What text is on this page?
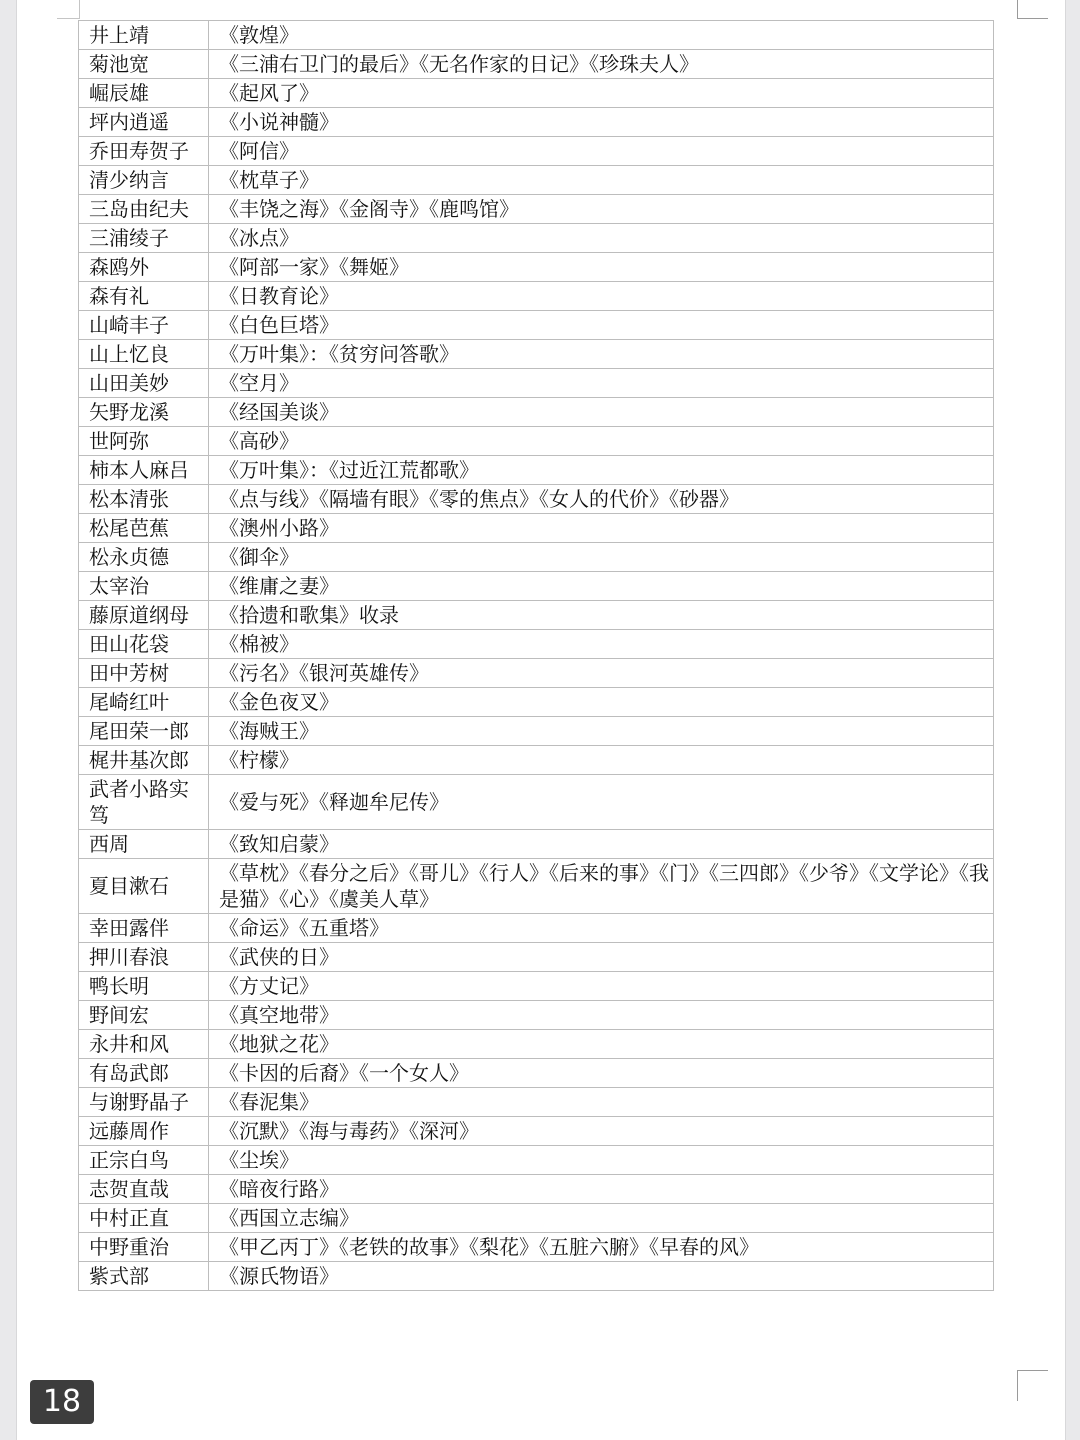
井上靖	《敦煌》
菊池宽	《三浦右卫门的最后》《无名作家的日记》《珍珠夫人》
崛辰雄	《起风了》
坪内逍遥	《小说神髓》
乔田寿贺子	《阿信》
清少纳言	《枕草子》
三岛由纪夫	《丰饶之海》《金阁寺》《鹿鸣馆》
三浦绫子	《冰点》
森鸥外	《阿部一家》《舞姬》
森有礼	《日教育论》
山崎丰子	《白色巨塔》
山上忆良	《万叶集》：《贫穷问答歌》
山田美妙	《空月》
矢野龙溪	《经国美谈》
世阿弥	《高砂》
柿本人麻吕	《万叶集》：《过近江荒都歌》
松本清张	《点与线》《隔墙有眼》《零的焦点》《女人的代价》《砂器》
松尾芭蕉	《澳州小路》
松永贞德	《御伞》
太宰治	《维庸之妻》
藤原道纲母	《拾遗和歌集》收录
田山花袋	《棉被》
田中芳树	《污名》《银河英雄传》
尾崎红叶	《金色夜叉》
尾田荣一郎	《海贼王》
梶井基次郎	《柠檬》
武者小路实笃	《爱与死》《释迦牟尼传》
西周	《致知启蒙》
夏目漱石	《草枕》《春分之后》《哥儿》《行人》《后来的事》《门》《三四郎》《少爷》《文学论》《我是猫》《心》《虞美人草》
幸田露伴	《命运》《五重塔》
押川春浪	《武侠的日》
鸭长明	《方丈记》
野间宏	《真空地带》
永井和风	《地狱之花》
有岛武郎	《卡因的后裔》《一个女人》
与谢野晶子	《春泥集》
远藤周作	《沉默》《海与毒药》《深河》
正宗白鸟	《尘埃》
志贺直哉	《暗夜行路》
中村正直	《西国立志编》
中野重治	《甲乙丙丁》《老铁的故事》《梨花》《五脏六腑》《早春的风》
紫式部	《源氏物语》
18
